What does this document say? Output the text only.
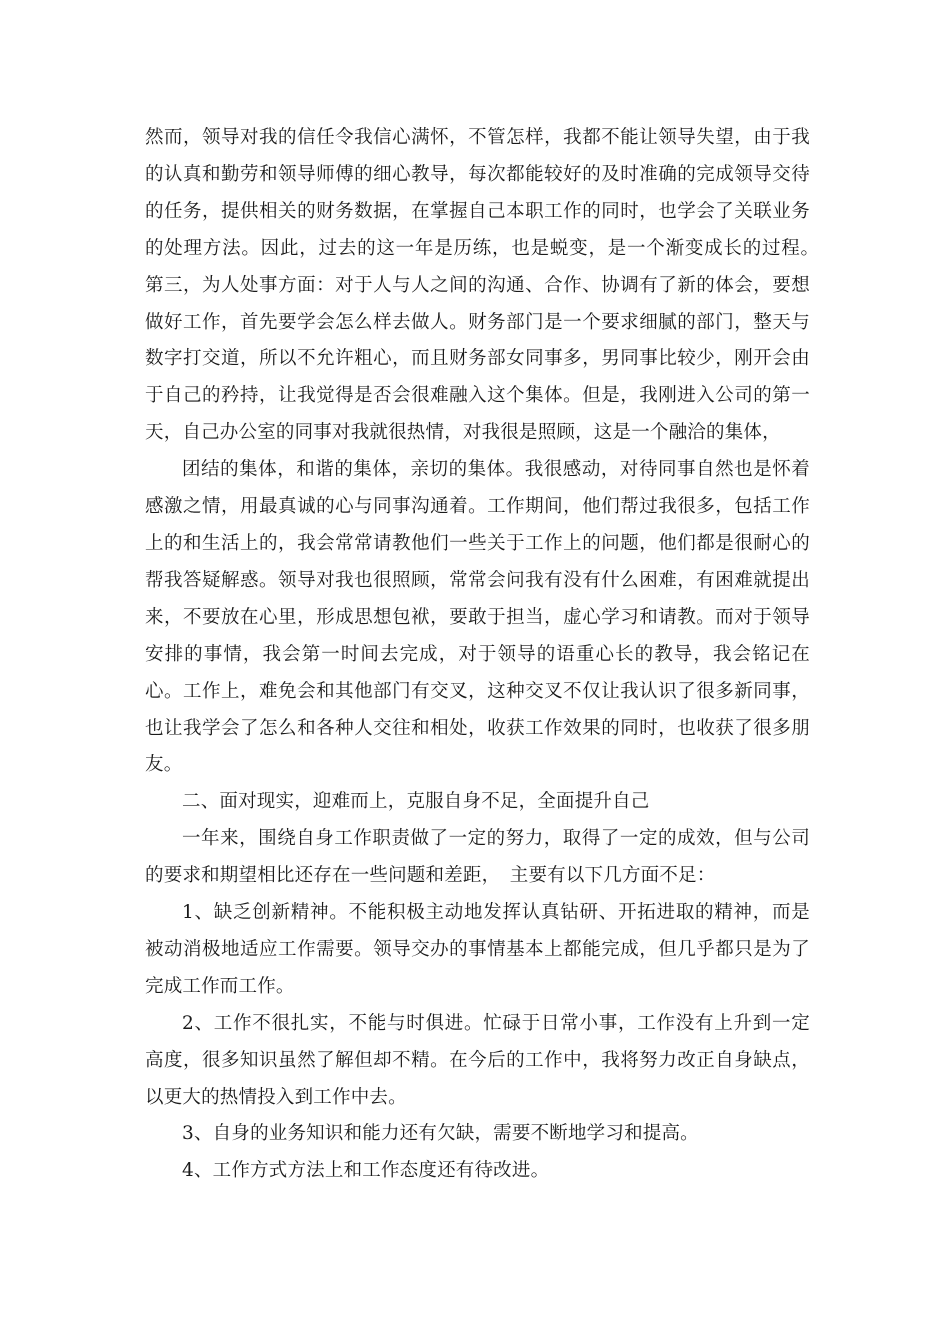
然而，领导对我的信任令我信心满怀，不管怎样，我都不能让领导失望，由于我的认真和勤劳和领导师傅的细心教导，每次都能较好的及时准确的完成领导交待的任务，提供相关的财务数据，在掌握自己本职工作的同时，也学会了关联业务的处理方法。因此，过去的这一年是历练，也是蜕变，是一个渐变成长的过程。　第三，为人处事方面：对于人与人之间的沟通、合作、协调有了新的体会，要想做好工作，首先要学会怎么样去做人。财务部门是一个要求细腻的部门，整天与数字打交道，所以不允许粗心，而且财务部女同事多，男同事比较少，刚开会由于自己的矜持，让我觉得是否会很难融入这个集体。但是，我刚进入公司的第一天，自己办公室的同事对我就很热情，对我很是照顾，这是一个融洽的集体，

团结的集体，和谐的集体，亲切的集体。我很感动，对待同事自然也是怀着感激之情，用最真诚的心与同事沟通着。工作期间，他们帮过我很多，包括工作上的和生活上的，我会常常请教他们一些关于工作上的问题，他们都是很耐心的帮我答疑解惑。领导对我也很照顾，常常会问我有没有什么困难，有困难就提出来，不要放在心里，形成思想包袱，要敢于担当，虚心学习和请教。而对于领导安排的事情，我会第一时间去完成，对于领导的语重心长的教导，我会铭记在心。工作上，难免会和其他部门有交叉，这种交叉不仅让我认识了很多新同事，也让我学会了怎么和各种人交往和相处，收获工作效果的同时，也收获了很多朋友。

二、面对现实，迎难而上，克服自身不足，全面提升自己

一年来，围绕自身工作职责做了一定的努力，取得了一定的成效，但与公司的要求和期望相比还存在一些问题和差距，　主要有以下几方面不足：

1、缺乏创新精神。不能积极主动地发挥认真钻研、开拓进取的精神，而是被动消极地适应工作需要。领导交办的事情基本上都能完成，但几乎都只是为了完成工作而工作。

2、工作不很扎实，不能与时俱进。忙碌于日常小事，工作没有上升到一定高度，很多知识虽然了解但却不精。在今后的工作中，我将努力改正自身缺点，以更大的热情投入到工作中去。

3、自身的业务知识和能力还有欠缺，需要不断地学习和提高。

4、工作方式方法上和工作态度还有待改进。
